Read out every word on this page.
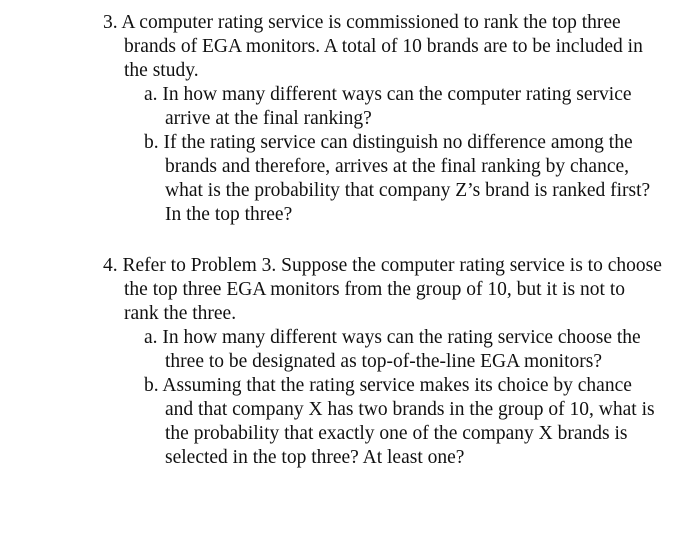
3. A computer rating service is commissioned to rank the top three brands of EGA monitors. A total of 10 brands are to be included in the study.
a. In how many different ways can the computer rating service arrive at the final ranking?
b. If the rating service can distinguish no difference among the brands and therefore, arrives at the final ranking by chance, what is the probability that company Z’s brand is ranked first? In the top three?
4. Refer to Problem 3. Suppose the computer rating service is to choose the top three EGA monitors from the group of 10, but it is not to rank the three.
a. In how many different ways can the rating service choose the three to be designated as top-of-the-line EGA monitors?
b. Assuming that the rating service makes its choice by chance and that company X has two brands in the group of 10, what is the probability that exactly one of the company X brands is selected in the top three? At least one?
